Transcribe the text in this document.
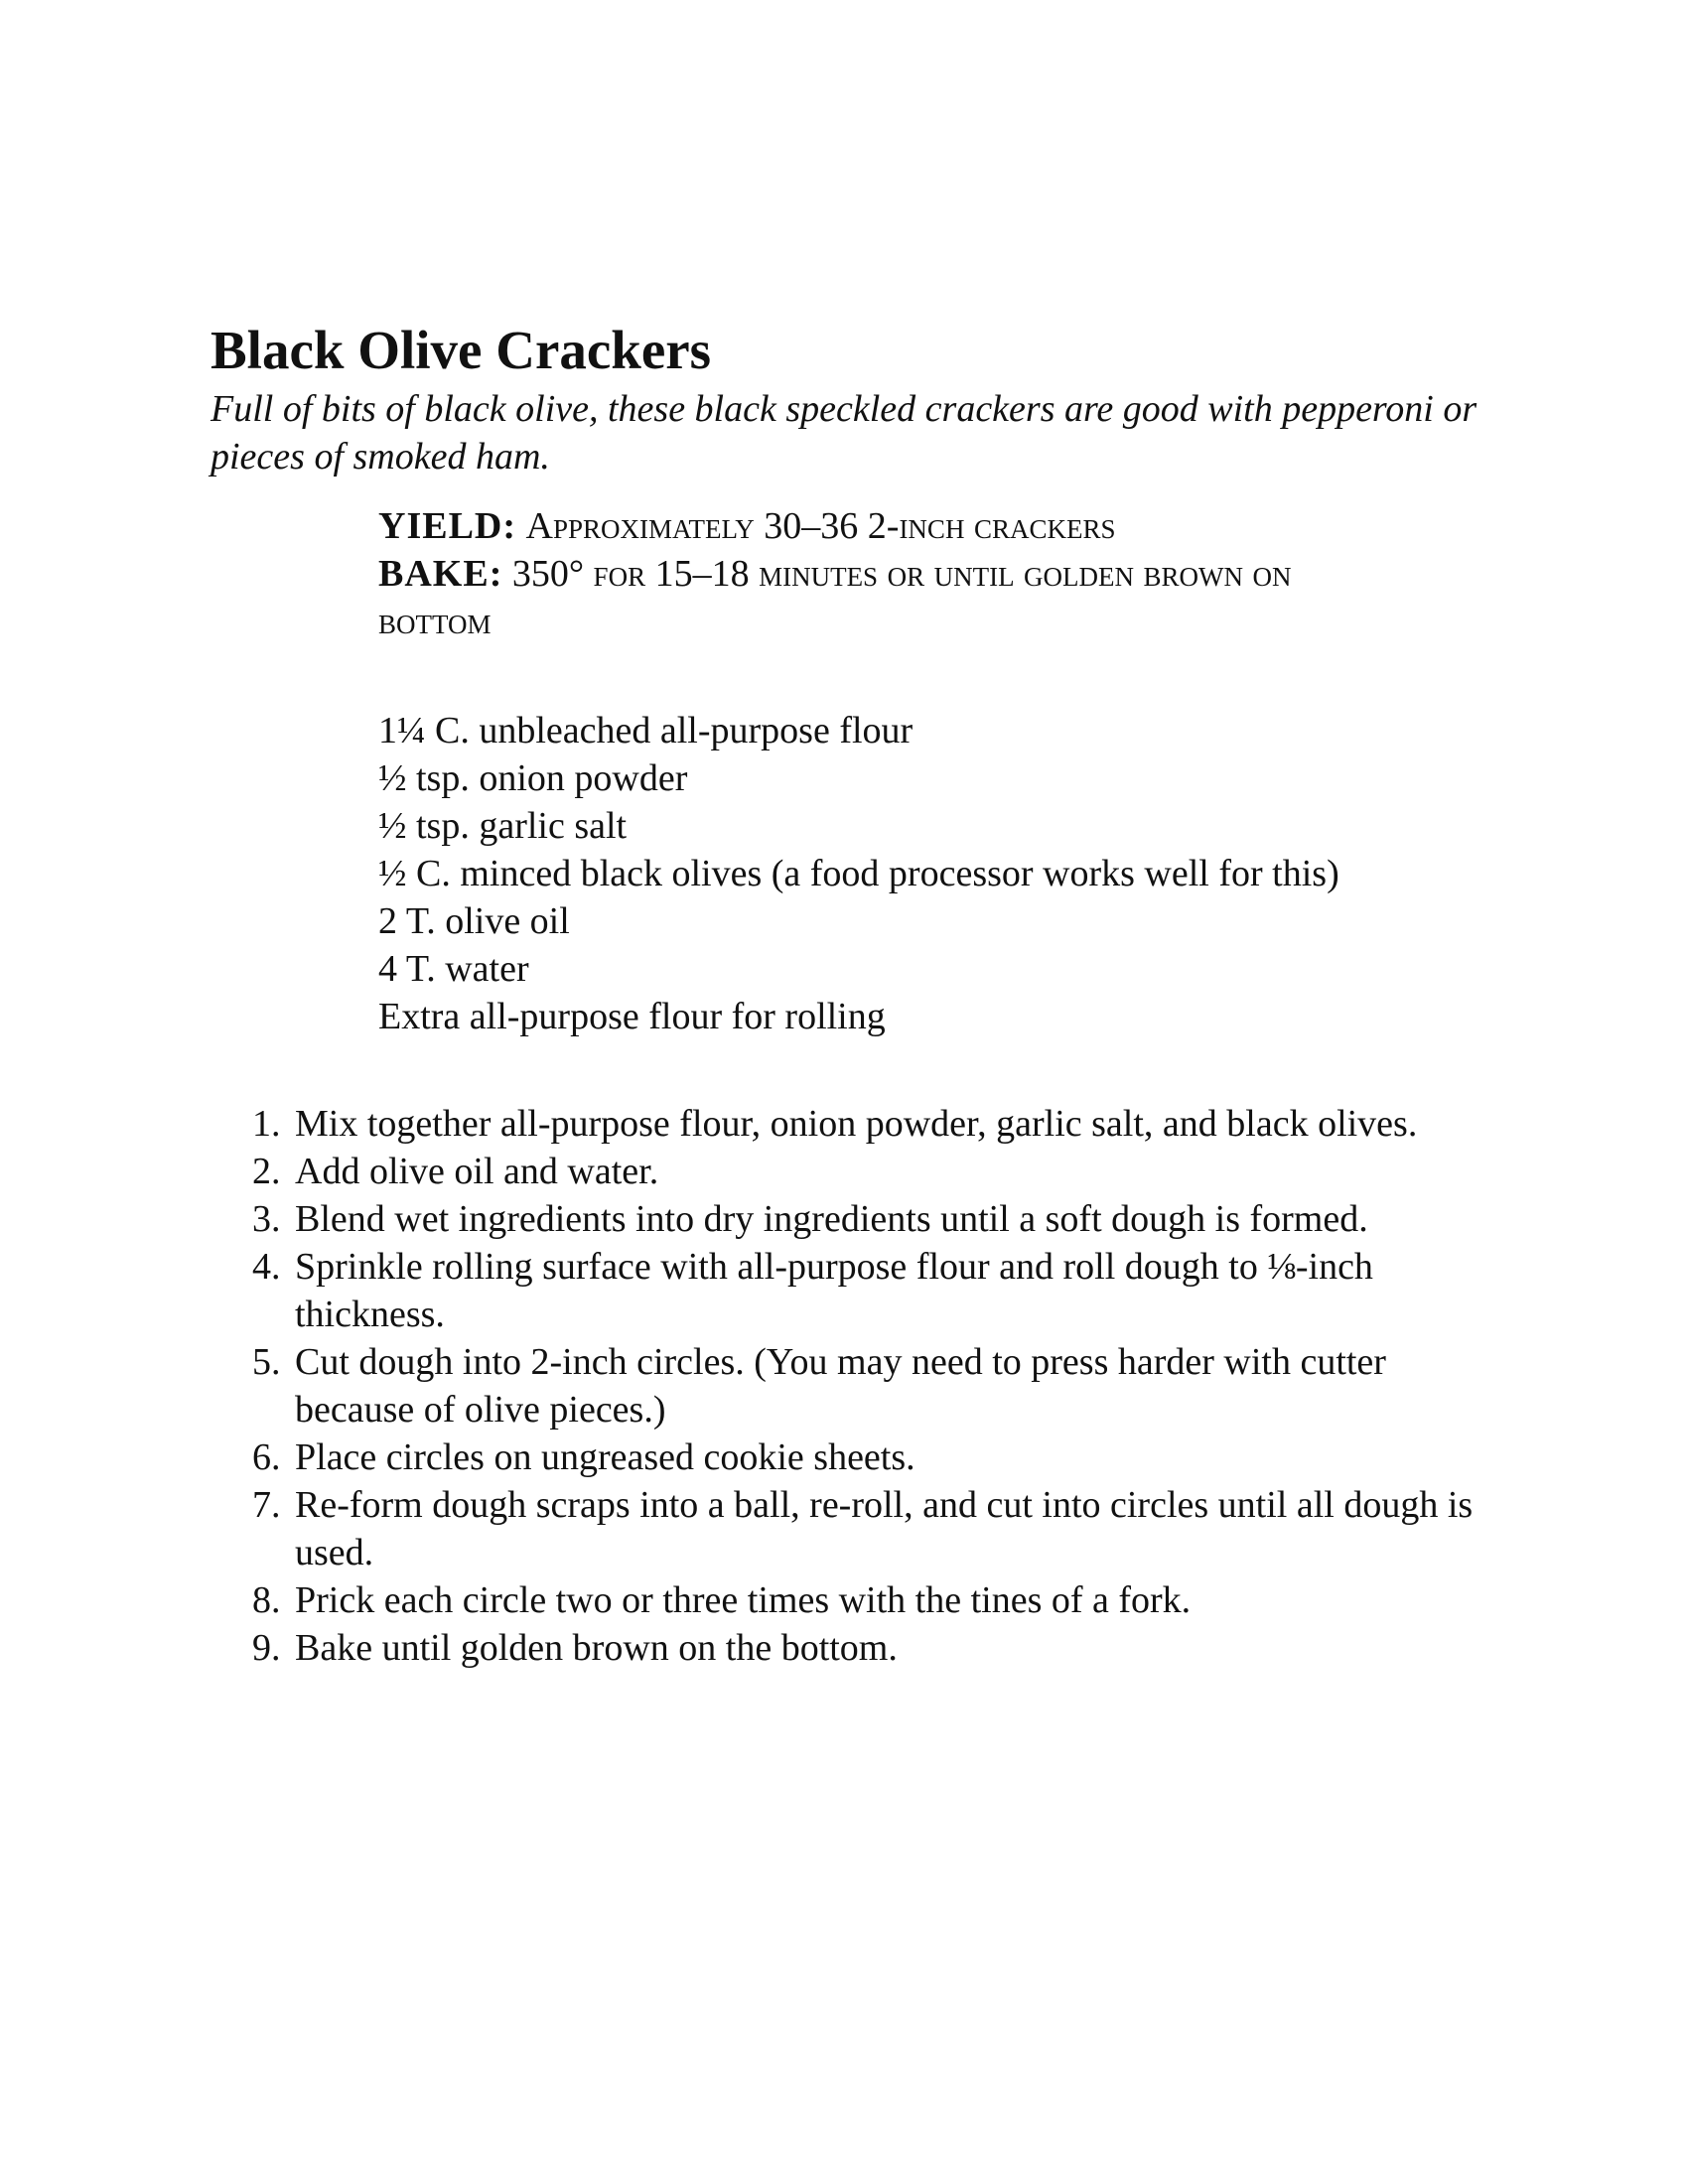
Black Olive Crackers

Full of bits of black olive, these black speckled crackers are good with pepperoni or pieces of smoked ham.

YIELD: Approximately 30–36 2-inch crackers

BAKE: 350° for 15–18 minutes or until golden brown on bottom

1¼ C. unbleached all-purpose flour
½ tsp. onion powder
½ tsp. garlic salt
½ C. minced black olives (a food processor works well for this)
2 T. olive oil
4 T. water
Extra all-purpose flour for rolling
1. Mix together all-purpose flour, onion powder, garlic salt, and black olives.
2. Add olive oil and water.
3. Blend wet ingredients into dry ingredients until a soft dough is formed.
4. Sprinkle rolling surface with all-purpose flour and roll dough to ⅛-inch thickness.
5. Cut dough into 2-inch circles. (You may need to press harder with cutter because of olive pieces.)
6. Place circles on ungreased cookie sheets.
7. Re-form dough scraps into a ball, re-roll, and cut into circles until all dough is used.
8. Prick each circle two or three times with the tines of a fork.
9. Bake until golden brown on the bottom.
